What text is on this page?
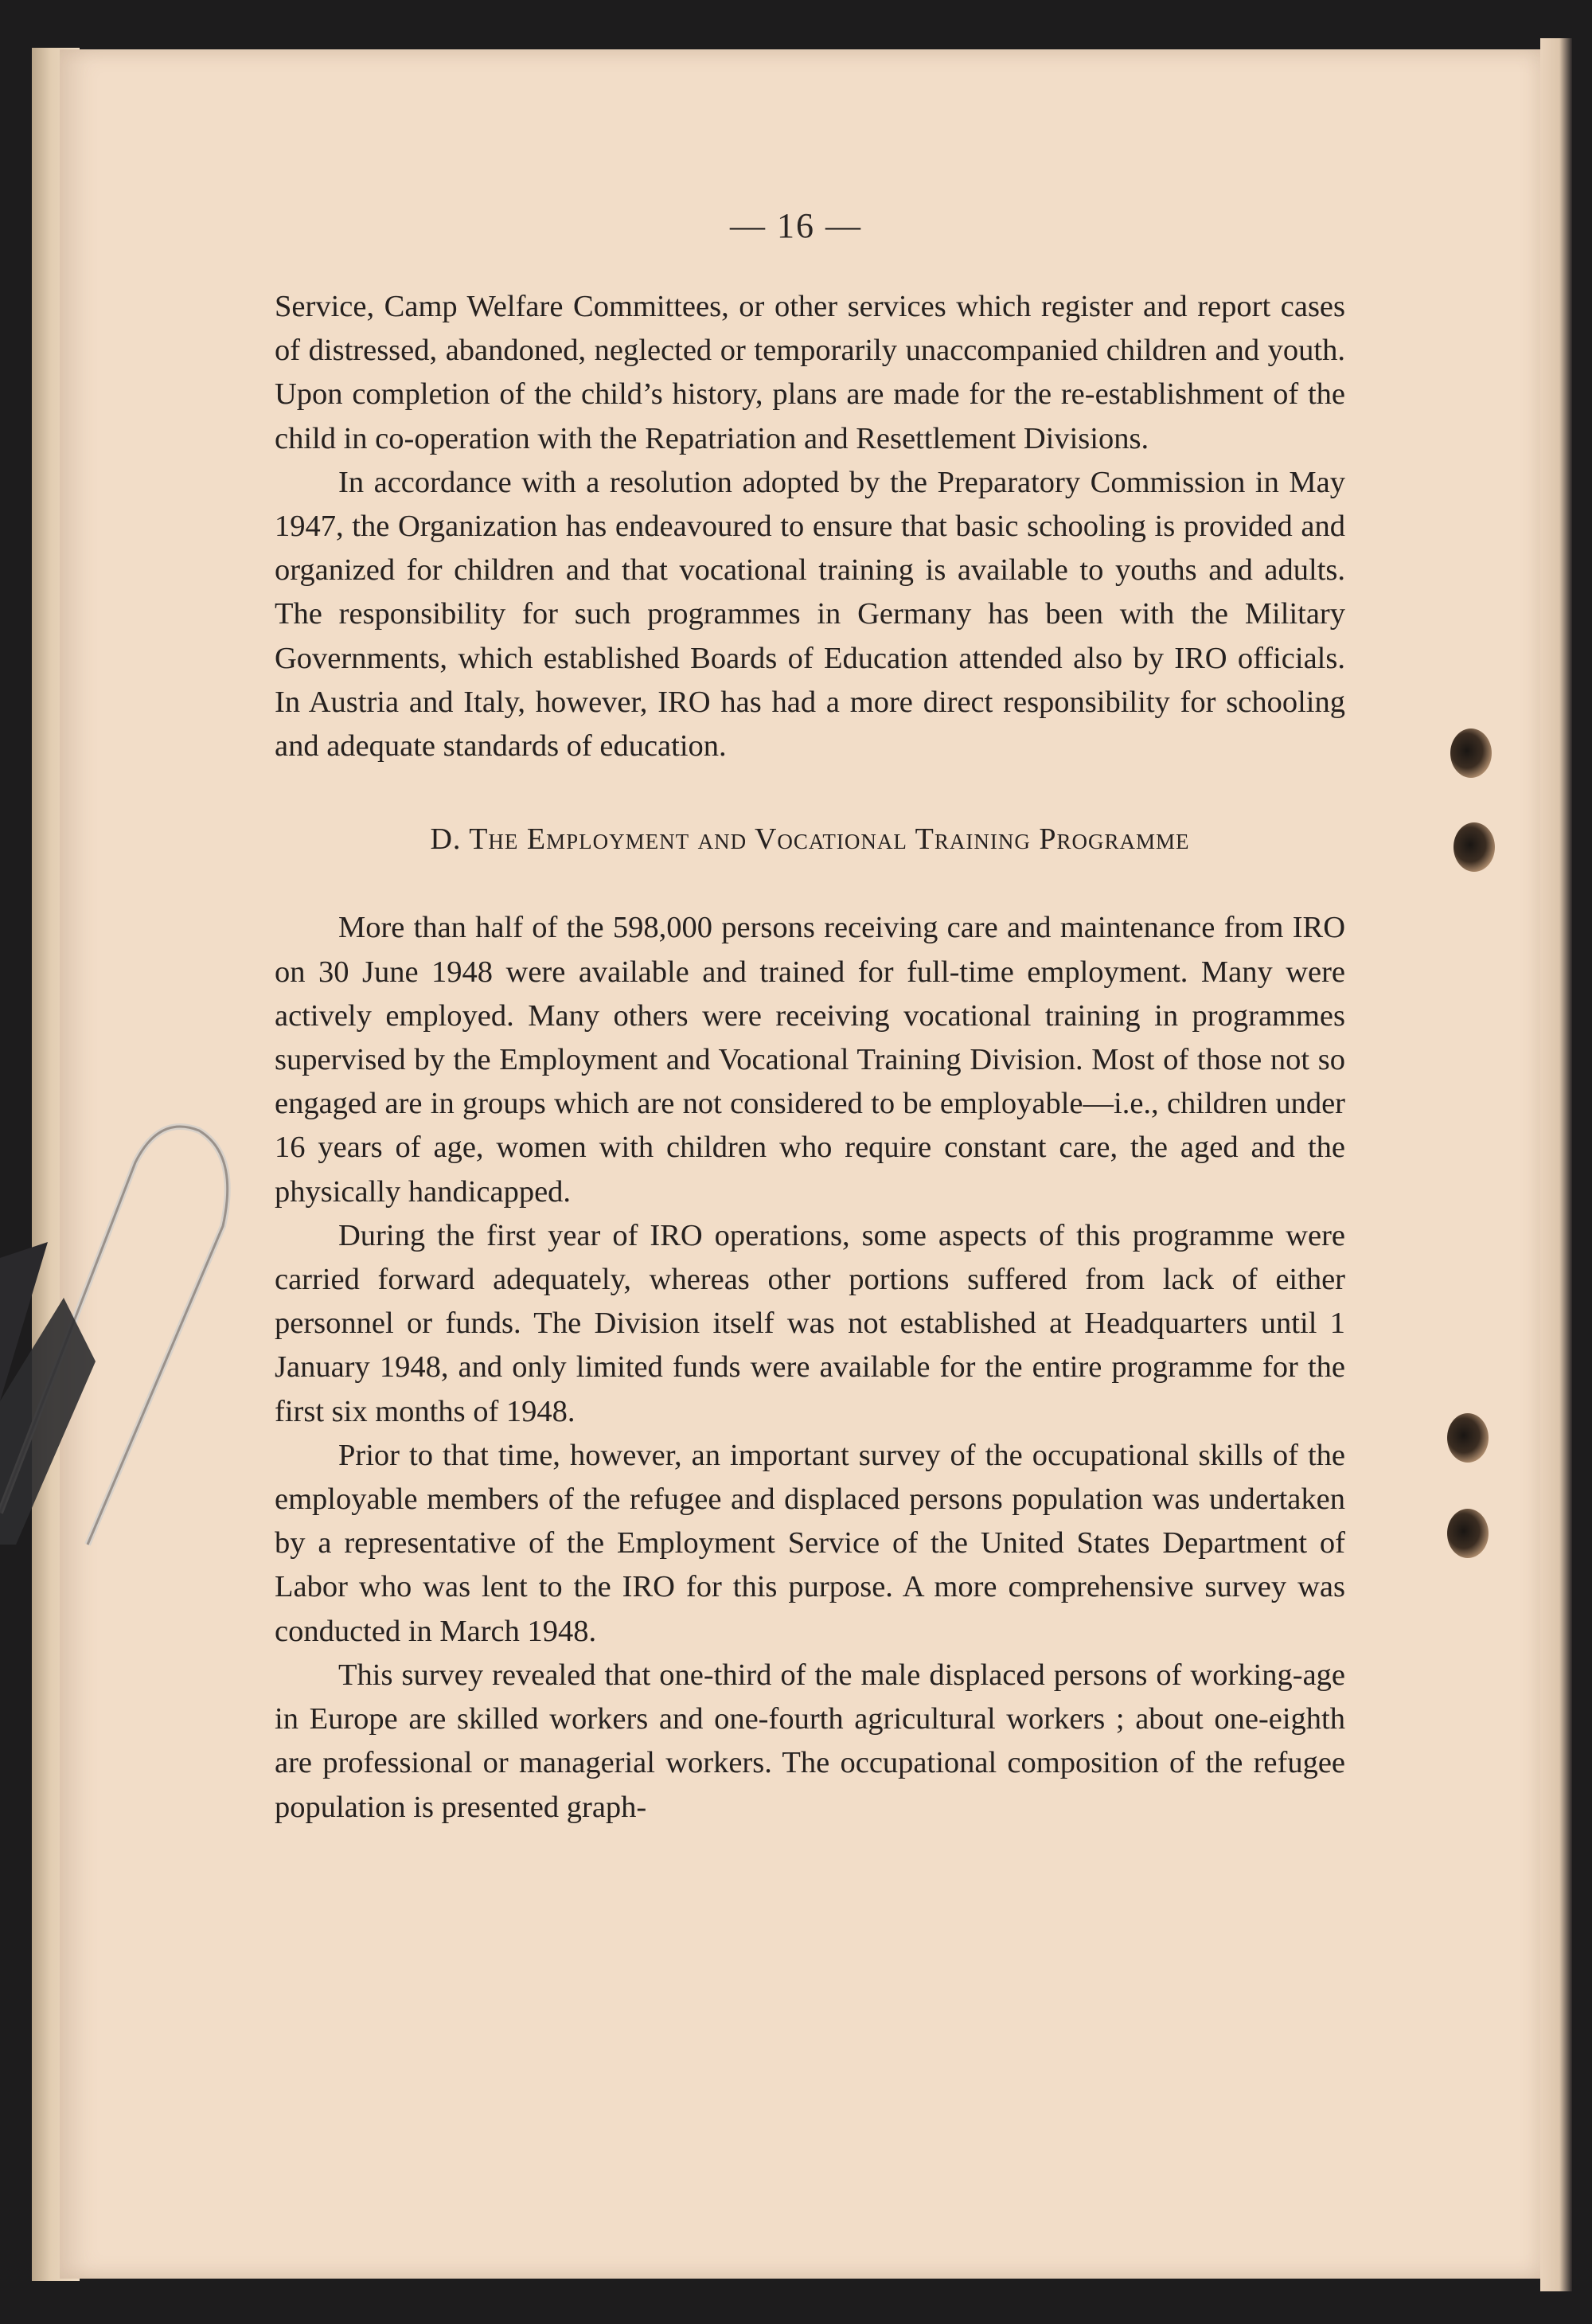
— 16 —

Service, Camp Welfare Committees, or other services which register and report cases of distressed, abandoned, neglected or temporarily unaccompanied children and youth. Upon completion of the child’s history, plans are made for the re-establishment of the child in co-operation with the Repatriation and Resettlement Divisions.

In accordance with a resolution adopted by the Preparatory Commission in May 1947, the Organization has endeavoured to ensure that basic schooling is provided and organized for children and that vocational training is available to youths and adults. The responsibility for such programmes in Germany has been with the Military Governments, which established Boards of Education attended also by IRO officials. In Austria and Italy, however, IRO has had a more direct responsibility for schooling and adequate standards of education.

D. The Employment and Vocational Training Programme

More than half of the 598,000 persons receiving care and maintenance from IRO on 30 June 1948 were available and trained for full-time employment. Many were actively employed. Many others were receiving vocational training in programmes supervised by the Employment and Vocational Training Division. Most of those not so engaged are in groups which are not considered to be employable—i.e., children under 16 years of age, women with children who require constant care, the aged and the physically handicapped.

During the first year of IRO operations, some aspects of this programme were carried forward adequately, whereas other portions suffered from lack of either personnel or funds. The Division itself was not established at Headquarters until 1 January 1948, and only limited funds were available for the entire programme for the first six months of 1948.

Prior to that time, however, an important survey of the occupational skills of the employable members of the refugee and displaced persons population was undertaken by a representative of the Employment Service of the United States Department of Labor who was lent to the IRO for this purpose. A more comprehensive survey was conducted in March 1948.

This survey revealed that one-third of the male displaced persons of working-age in Europe are skilled workers and one-fourth agricultural workers ; about one-eighth are professional or managerial workers. The occupational composition of the refugee population is presented graph-
